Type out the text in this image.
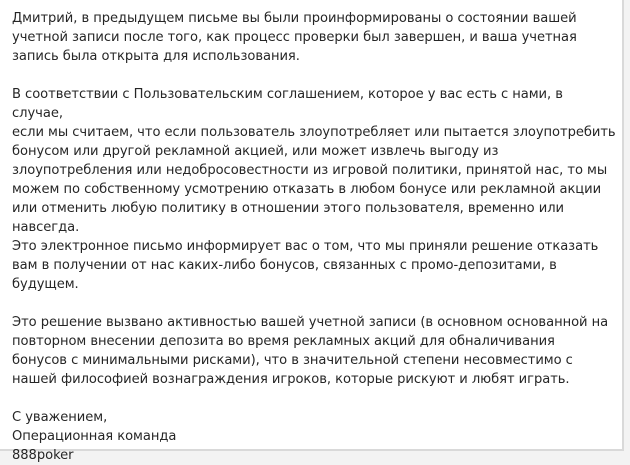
Дмитрий, в предыдущем письме вы были проинформированы о состоянии вашей
учетной записи после того, как процесс проверки был завершен, и ваша учетная
запись была открыта для использования.

В соответствии с Пользовательским соглашением, которое у вас есть с нами, в случае,
если мы считаем, что если пользователь злоупотребляет или пытается злоупотребить
бонусом или другой рекламной акцией, или может извлечь выгоду из
злоупотребления или недобросовестности из игровой политики, принятой нас, то мы
можем по собственному усмотрению отказать в любом бонусе или рекламной акции
или отменить любую политику в отношении этого пользователя, временно или
навсегда.

Это электронное письмо информирует вас о том, что мы приняли решение отказать
вам в получении от нас каких-либо бонусов, связанных с промо-депозитами, в
будущем.

Это решение вызвано активностью вашей учетной записи (в основном основанной на
повторном внесении депозита во время рекламных акций для обналичивания
бонусов с минимальными рисками), что в значительной степени несовместимо с
нашей философией вознаграждения игроков, которые рискуют и любят играть.

С уважением,
Операционная команда
888poker
